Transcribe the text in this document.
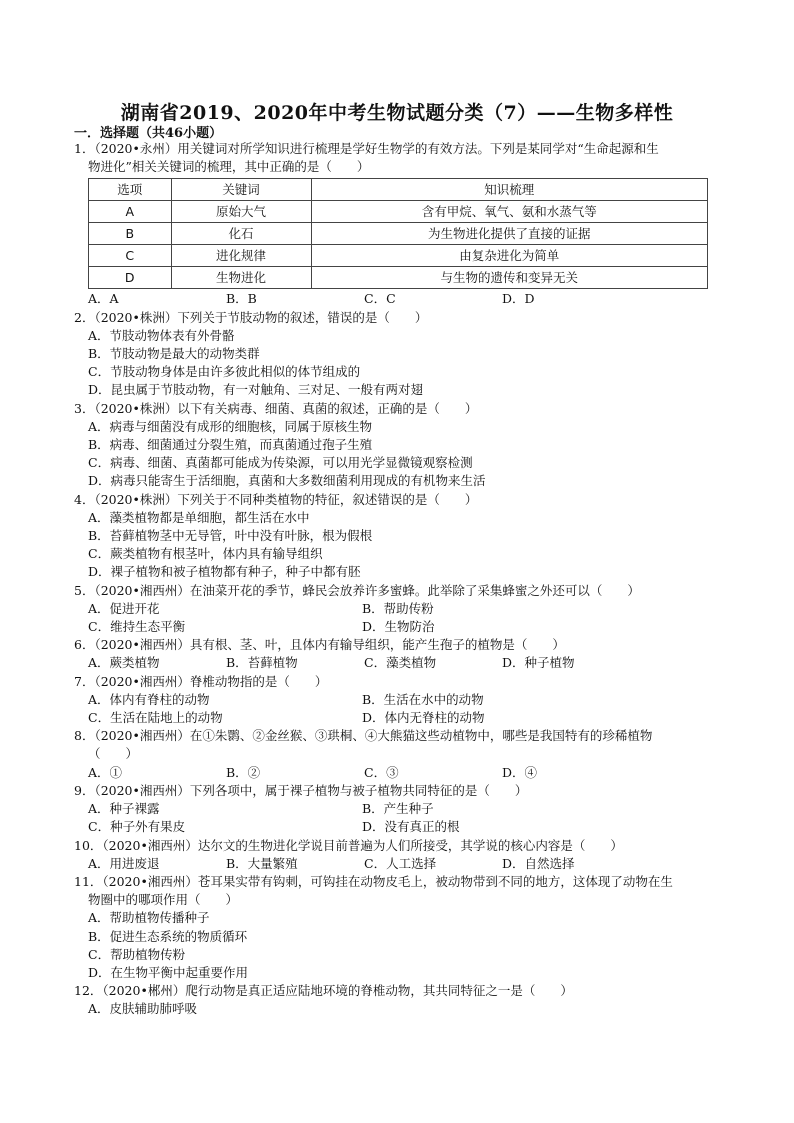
湖南省2019、2020年中考生物试题分类（7）——生物多样性
一．选择题（共46小题）
1．（2020•永州）用关键词对所学知识进行梳理是学好生物学的有效方法。下列是某同学对“生命起源和生
物进化”相关关键词的梳理，其中正确的是（　　）
选项	关键词	知识梳理
A	原始大气	含有甲烷、氧气、氨和水蒸气等
B	化石	为生物进化提供了直接的证据
C	进化规律	由复杂进化为简单
D	生物进化	与生物的遗传和变异无关
A．A	B．B	C．C	D．D
2．（2020•株洲）下列关于节肢动物的叙述，错误的是（　　）
A．节肢动物体表有外骨骼
B．节肢动物是最大的动物类群
C．节肢动物身体是由许多彼此相似的体节组成的
D．昆虫属于节肢动物，有一对触角、三对足、一般有两对翅
3．（2020•株洲）以下有关病毒、细菌、真菌的叙述，正确的是（　　）
A．病毒与细菌没有成形的细胞核，同属于原核生物
B．病毒、细菌通过分裂生殖，而真菌通过孢子生殖
C．病毒、细菌、真菌都可能成为传染源，可以用光学显微镜观察检测
D．病毒只能寄生于活细胞，真菌和大多数细菌利用现成的有机物来生活
4．（2020•株洲）下列关于不同种类植物的特征，叙述错误的是（　　）
A．藻类植物都是单细胞，都生活在水中
B．苔藓植物茎中无导管，叶中没有叶脉，根为假根
C．蕨类植物有根茎叶，体内具有输导组织
D．裸子植物和被子植物都有种子，种子中都有胚
5．（2020•湘西州）在油菜开花的季节，蜂民会放养许多蜜蜂。此举除了采集蜂蜜之外还可以（　　）
A．促进开花	B．帮助传粉
C．维持生态平衡	D．生物防治
6．（2020•湘西州）具有根、茎、叶，且体内有输导组织，能产生孢子的植物是（　　）
A．蕨类植物	B．苔藓植物	C．藻类植物	D．种子植物
7．（2020•湘西州）脊椎动物指的是（　　）
A．体内有脊柱的动物	B．生活在水中的动物
C．生活在陆地上的动物	D．体内无脊柱的动物
8．（2020•湘西州）在①朱鹮、②金丝猴、③珙桐、④大熊猫这些动植物中，哪些是我国特有的珍稀植物
（　　）
A．①	B．②	C．③	D．④
9．（2020•湘西州）下列各项中，属于裸子植物与被子植物共同特征的是（　　）
A．种子裸露	B．产生种子
C．种子外有果皮	D．没有真正的根
10．（2020•湘西州）达尔文的生物进化学说目前普遍为人们所接受，其学说的核心内容是（　　）
A．用进废退	B．大量繁殖	C．人工选择	D．自然选择
11．（2020•湘西州）苍耳果实带有钩刺，可钩挂在动物皮毛上，被动物带到不同的地方，这体现了动物在生
物圈中的哪项作用（　　）
A．帮助植物传播种子
B．促进生态系统的物质循环
C．帮助植物传粉
D．在生物平衡中起重要作用
12．（2020•郴州）爬行动物是真正适应陆地环境的脊椎动物，其共同特征之一是（　　）
A．皮肤辅助肺呼吸
